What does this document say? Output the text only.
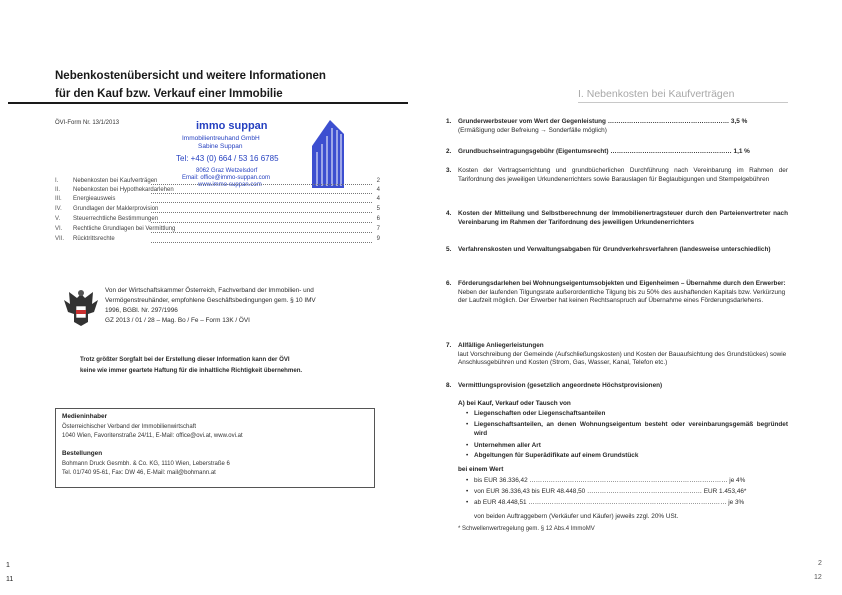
Nebenkostenübersicht und weitere Informationen
für den Kauf bzw. Verkauf einer Immobilie
ÖVI-Form Nr. 13/1/2013	immo suppan
Immobilientreuhand GmbH
Sabine Suppan
Tel: +43 (0) 664 / 53 16 6785
8062 Graz Wetzelsdorf
Email: office@immo-suppan.com
www.immo-suppan.com
I. Nebenkosten bei Kaufverträgen	2
II. Nebenkosten bei Hypothekardarlehen	4
III. Energieausweis	4
IV. Grundlagen der Maklerprovision	5
V. Steuerrechtliche Bestimmungen	6
VI. Rechtliche Grundlagen bei Vermittlung	7
VII. Rücktrittsrechte	9
Von der Wirtschaftskammer Österreich, Fachverband der Immobilien- und
Vermögenstreuhänder, empfohlene Geschäftsbedingungen gem. § 10 IMV
1996, BGBl. Nr. 297/1996
GZ 2013 / 01 / 28 – Mag. Bo / Fe – Form 13K / ÖVI
Trotz größter Sorgfalt bei der Erstellung dieser Information kann der ÖVI
keine wie immer geartete Haftung für die inhaltliche Richtigkeit übernehmen.
Medieninhaber
Österreichischer Verband der Immobilienwirtschaft
1040 Wien, Favoritenstraße 24/11, E-Mail: office@ovi.at, www.ovi.at
Bestellungen
Bohmann Druck Gesmbh. & Co. KG, 1110 Wien, Leberstraße 6
Tel. 01/740 95-61, Fax: DW 46, E-Mail: mail@bohmann.at
1
11
I. Nebenkosten bei Kaufverträgen
1. Grunderwerbsteuer vom Wert der Gegenleistung ………………………………………………… 3,5 %
(Ermäßigung oder Befreiung → Sonderfälle möglich)
2. Grundbuchseintragungsgebühr (Eigentumsrecht) ………………………………………………… 1,1 %
3. Kosten der Vertragserrichtung und grundbücherlichen Durchführung nach Vereinbarung im Rahmen der Tarifordnung des jeweiligen Urkundenerrichters sowie Barauslagen für Beglaubigungen und Stempelgebühren
4. Kosten der Mitteilung und Selbstberechnung der Immobilienertragsteuer durch den Parteienvertreter nach Vereinbarung im Rahmen der Tarifordnung des jeweiligen Urkundenerrichters
5. Verfahrenskosten und Verwaltungsabgaben für Grundverkehrsverfahren (landesweise unterschiedlich)
6. Förderungsdarlehen bei Wohnungseigentumsobjekten und Eigenheimen – Übernahme durch den Erwerber:
Neben der laufenden Tilgungsrate außerordentliche Tilgung bis zu 50% des aushaftenden Kapitals bzw. Verkürzung der Laufzeit möglich. Der Erwerber hat keinen Rechtsanspruch auf Übernahme eines Förderungsdarlehens.
7. Allfällige Anliegerleistungen
laut Vorschreibung der Gemeinde (Aufschließungskosten) und Kosten der Bauaufsichtung des Grundstückes) sowie Anschlussgebühren und Kosten (Strom, Gas, Wasser, Kanal, Telefon etc.)
8. Vermittlungsprovision (gesetzlich angeordnete Höchstprovisionen)
A) bei Kauf, Verkauf oder Tausch von
• Liegenschaften oder Liegenschaftsanteilen
• Liegenschaftsanteilen, an denen Wohnungseigentum besteht oder vereinbarungsgemäß begründet wird
• Unternehmen aller Art
• Abgeltungen für Superädifikate auf einem Grundstück
bei einem Wert
• bis EUR 36.336,42 ………………………………………………………………………………… je 4%
• von EUR 36.336,43 bis EUR 48.448,50 ……………………………………………… EUR 1.453,46*
• ab EUR 48.448,51 ………………………………………………………………………………… je 3%
von beiden Auftraggebern (Verkäufer und Käufer) jeweils zzgl. 20% USt.
* Schwellenwertregelung gem. § 12 Abs.4 ImmoMV
2
12
